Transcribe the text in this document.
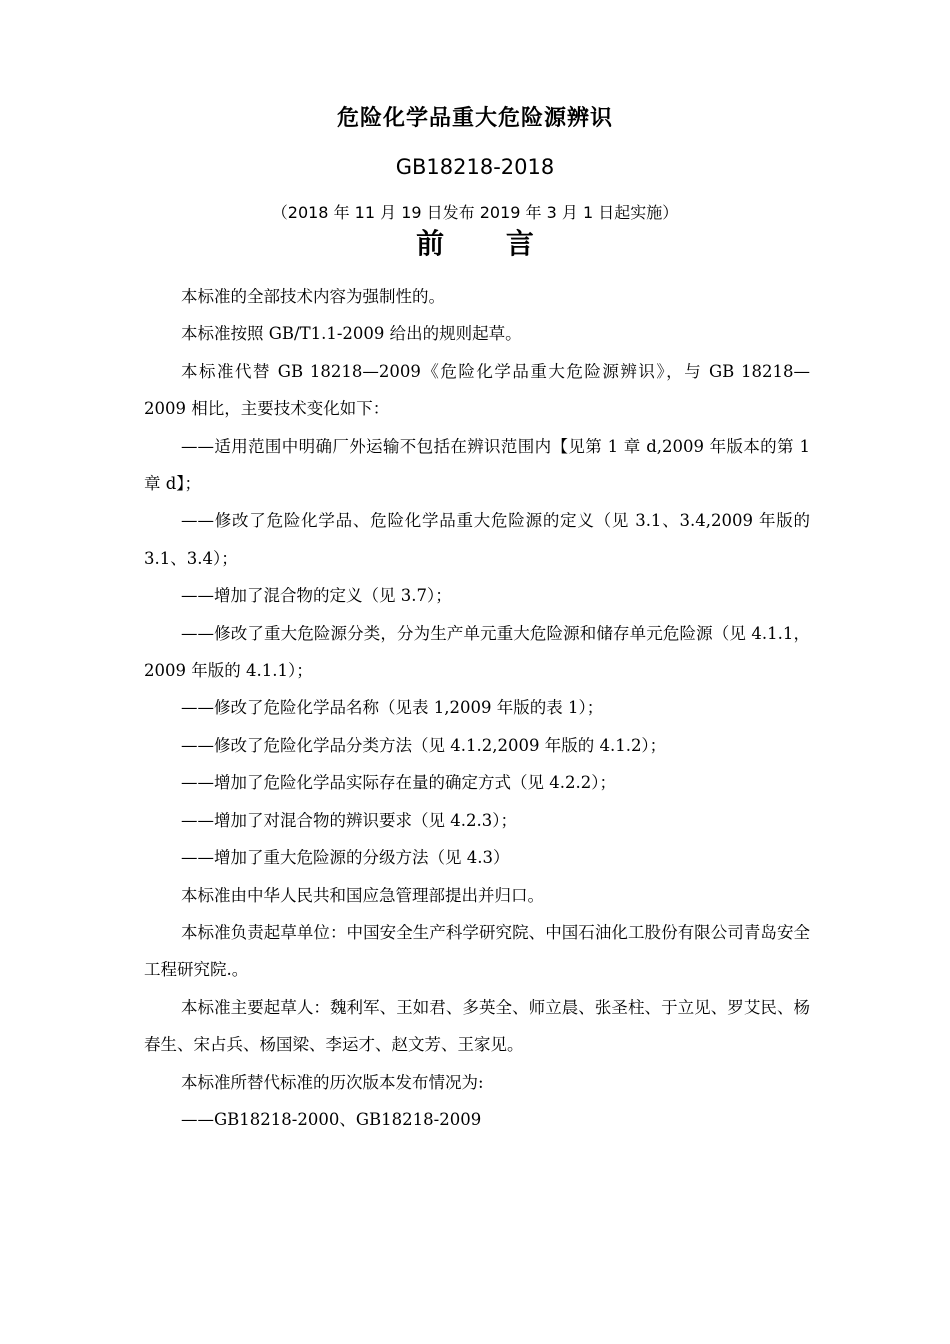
危险化学品重大危险源辨识
GB18218-2018
（2018 年 11 月 19 日发布 2019 年 3 月 1 日起实施）
前 言

本标准的全部技术内容为强制性的。

本标准按照 GB/T1.1-2009 给出的规则起草。

本标准代替 GB 18218—2009《危险化学品重大危险源辨识》，与 GB 18218—2009 相比，主要技术变化如下：

——适用范围中明确厂外运输不包括在辨识范围内【见第 1 章 d,2009 年版本的第 1 章 d】；

——修改了危险化学品、危险化学品重大危险源的定义（见 3.1、3.4,2009 年版的 3.1、3.4）；

——增加了混合物的定义（见 3.7）；

——修改了重大危险源分类，分为生产单元重大危险源和储存单元危险源（见 4.1.1，2009 年版的 4.1.1）；

——修改了危险化学品名称（见表 1,2009 年版的表 1）；

——修改了危险化学品分类方法（见 4.1.2,2009 年版的 4.1.2）；

——增加了危险化学品实际存在量的确定方式（见 4.2.2）；

——增加了对混合物的辨识要求（见 4.2.3）；

——增加了重大危险源的分级方法（见 4.3）

本标准由中华人民共和国应急管理部提出并归口。

本标准负责起草单位：中国安全生产科学研究院、中国石油化工股份有限公司青岛安全工程研究院.。

本标准主要起草人：魏利军、王如君、多英全、师立晨、张圣柱、于立见、罗艾民、杨春生、宋占兵、杨国梁、李运才、赵文芳、王家见。

本标准所替代标准的历次版本发布情况为:

——GB18218-2000、GB18218-2009
